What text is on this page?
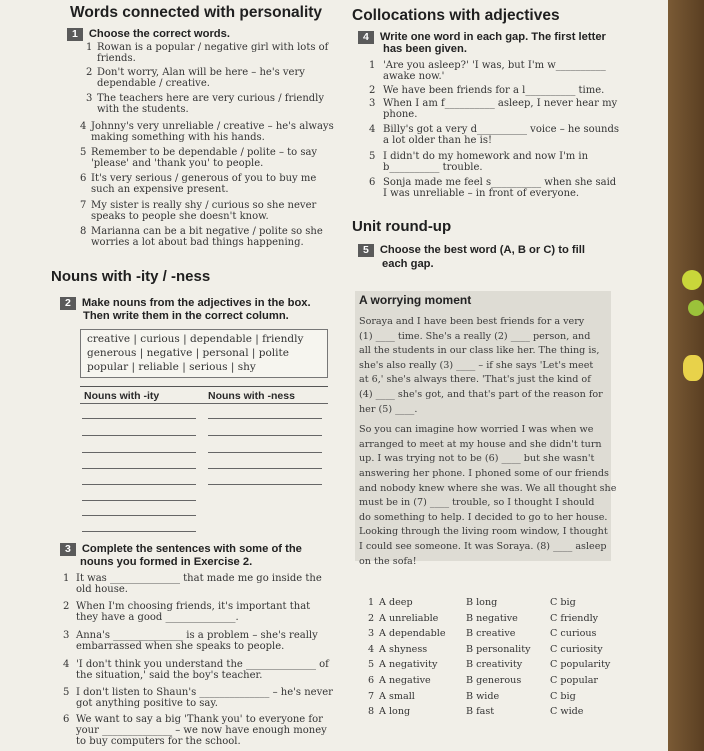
Words connected with personality
1 Choose the correct words.
1 Rowan is a popular / negative girl with lots of
friends.
2 Don't worry, Alan will be here – he's very
dependable / creative.
3 The teachers here are very curious / friendly
with the students.
4 Johnny's very unreliable / creative – he's always
making something with his hands.
5 Remember to be dependable / polite – to say
'please' and 'thank you' to people.
6 It's very serious / generous of you to buy me
such an expensive present.
7 My sister is really shy / curious so she never
speaks to people she doesn't know.
8 Marianna can be a bit negative / polite so she
worries a lot about bad things happening.
Nouns with -ity / -ness
2 Make nouns from the adjectives in the box.
Then write them in the correct column.
creative | curious | dependable | friendly
generous | negative | personal | polite
popular | reliable | serious | shy
Nouns with -ity	Nouns with -ness
3 Complete the sentences with some of the
nouns you formed in Exercise 2.
1 It was ______________ that made me go inside the
old house.
2 When I'm choosing friends, it's important that
they have a good ______________.
3 Anna's ______________ is a problem – she's really
embarrassed when she speaks to people.
4 'I don't think you understand the ______________ of
the situation,' said the boy's teacher.
5 I don't listen to Shaun's ______________ – he's never
got anything positive to say.
6 We want to say a big 'Thank you' to everyone for
your ______________ – we now have enough money
to buy computers for the school.
Collocations with adjectives
4 Write one word in each gap. The first letter
has been given.
1 'Are you asleep?' 'I was, but I'm w__________
awake now.'
2 We have been friends for a l__________ time.
3 When I am f__________ asleep, I never hear my
phone.
4 Billy's got a very d__________ voice – he sounds
a lot older than he is!
5 I didn't do my homework and now I'm in
b__________ trouble.
6 Sonja made me feel s__________ when she said
I was unreliable – in front of everyone.
Unit round-up
5 Choose the best word (A, B or C) to fill
each gap.
A worrying moment
Soraya and I have been best friends for a very
(1) ____ time. She's a really (2) ____ person, and
all the students in our class like her. The thing is,
she's also really (3) ____ – if she says 'Let's meet
at 6,' she's always there. 'That's just the kind of
(4) ____ she's got, and that's part of the reason for
her (5) ____.
So you can imagine how worried I was when we
arranged to meet at my house and she didn't turn
up. I was trying not to be (6) ____ but she wasn't
answering her phone. I phoned some of our friends
and nobody knew where she was. We all thought she
must be in (7) ____ trouble, so I thought I should
do something to help. I decided to go to her house.
Looking through the living room window, I thought
I could see someone. It was Soraya. (8) ____ asleep
on the sofa!
1 A deep	B long	C big
2 A unreliable	B negative	C friendly
3 A dependable B creative	C curious
4 A shyness	B personality C curiosity
5 A negativity	B creativity	C popularity
6 A negative	B generous	C popular
7 A small	B wide	C big
8 A long	B fast	C wide
